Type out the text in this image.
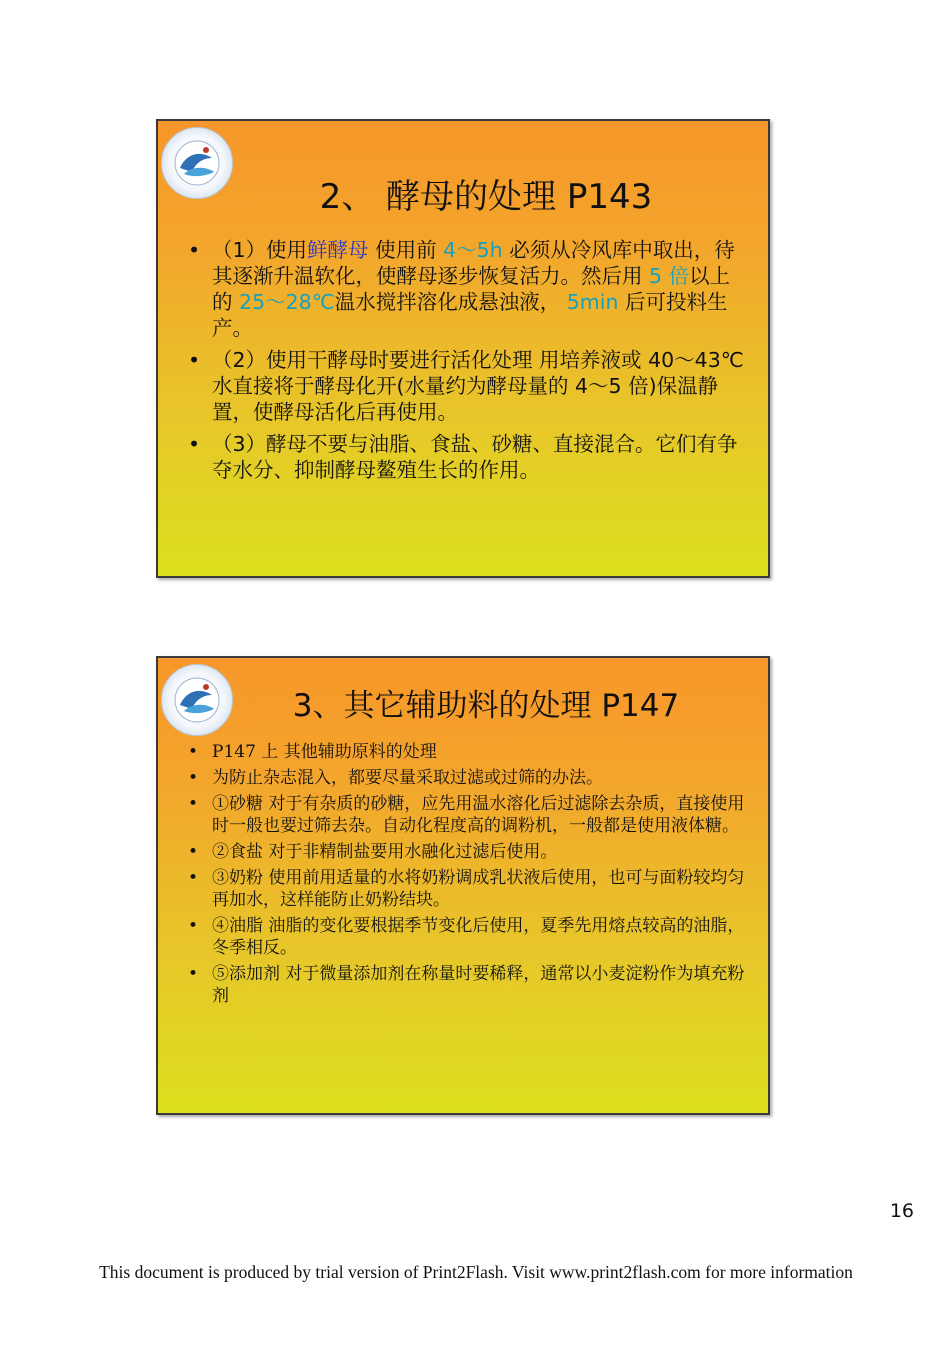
2、 酵母的处理 P143
• （1）使用鲜酵母 使用前 4～5h 必须从冷风库中取出，待其逐渐升温软化，使酵母逐步恢复活力。然后用 5 倍以上的 25～28℃温水搅拌溶化成悬浊液， 5min 后可投料生产。
• （2）使用干酵母时要进行活化处理 用培养液或 40～43℃水直接将于酵母化开(水量约为酵母量的 4～5 倍)保温静置，使酵母活化后再使用。
• （3）酵母不要与油脂、食盐、砂糖、直接混合。它们有争夺水分、抑制酵母鳌殖生长的作用。
3、其它辅助料的处理 P147
• P147 上 其他辅助原料的处理
• 为防止杂志混入，都要尽量采取过滤或过筛的办法。
• ①砂糖 对于有杂质的砂糖，应先用温水溶化后过滤除去杂质，直接使用时一般也要过筛去杂。自动化程度高的调粉机，一般都是使用液体糖。
• ②食盐 对于非精制盐要用水融化过滤后使用。
• ③奶粉 使用前用适量的水将奶粉调成乳状液后使用，也可与面粉较均匀再加水，这样能防止奶粉结块。
• ④油脂 油脂的变化要根据季节变化后使用，夏季先用熔点较高的油脂，冬季相反。
• ⑤添加剂 对于微量添加剂在称量时要稀释，通常以小麦淀粉作为填充粉剂
16
This document is produced by trial version of Print2Flash. Visit www.print2flash.com for more information
